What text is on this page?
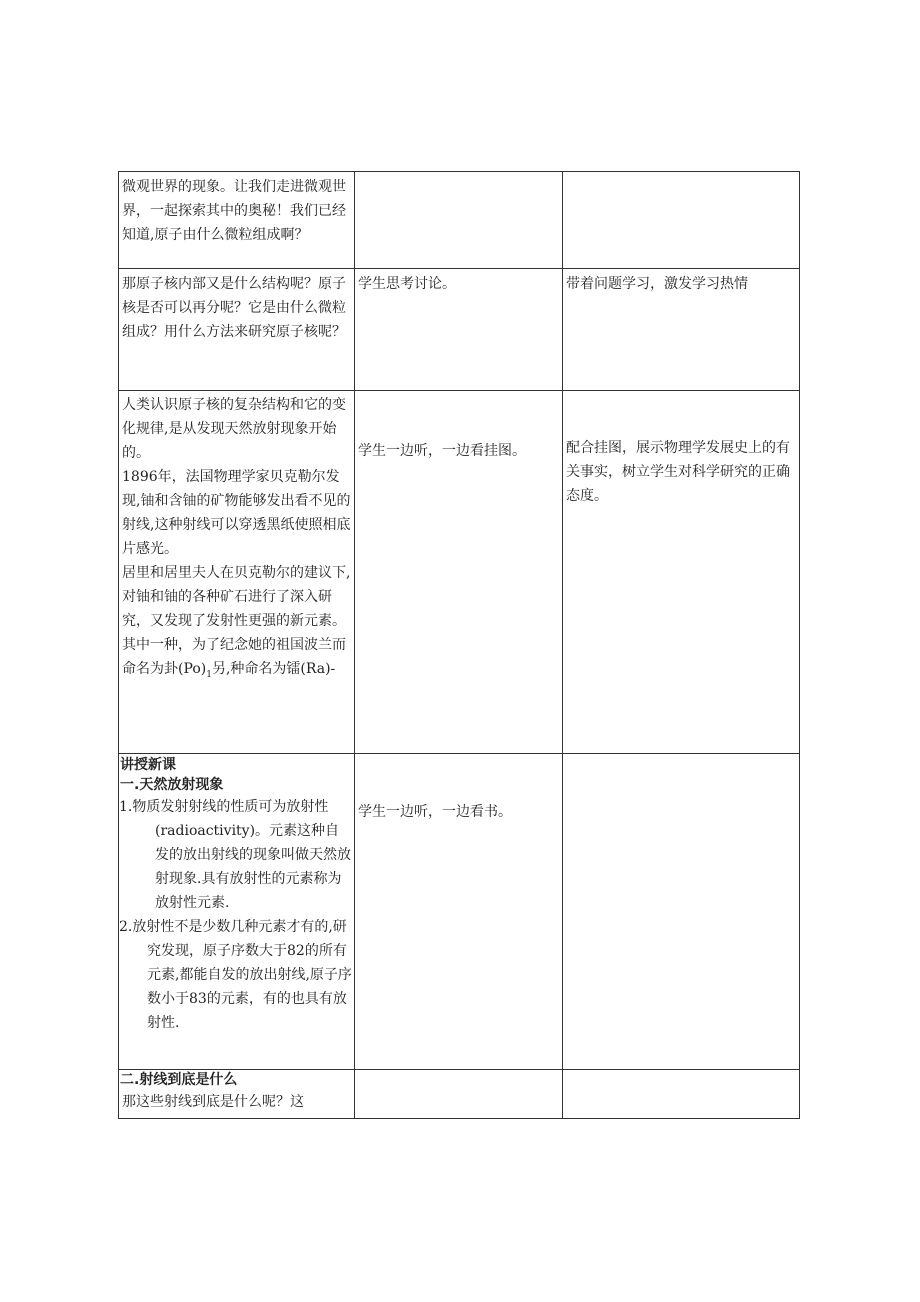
微观世界的现象。让我们走进微观世界，一起探索其中的奥秘！我们已经知道,原子由什么微粒组成啊？		

那原子核内部又是什么结构呢？原子核是否可以再分呢？它是由什么微粒组成？用什么方法来研究原子核呢？	学生思考讨论。	带着问题学习，激发学习热情

人类认识原子核的复杂结构和它的变化规律,是从发现天然放射现象开始的。

1896年，法国物理学家贝克勒尔发现,铀和含铀的矿物能够发出看不见的射线,这种射线可以穿透黑纸使照相底片感光。

居里和居里夫人在贝克勒尔的建议下,对铀和铀的各种矿石进行了深入研究，又发现了发射性更强的新元素。其中一种，为了纪念她的祖国波兰而命名为卦$(Po)_1$另,种命名为镭(Ra)-	学生一边听，一边看挂图。	配合挂图，展示物理学发展史上的有关事实，树立学生对科学研究的正确态度。

讲授新课

一.天然放射现象

1.物质发射射线的性质可为放射性(radioactivity)。元素这种自发的放出射线的现象叫做天然放射现象.具有放射性的元素称为放射性元素.

2.放射性不是少数几种元素才有的,研究发现，原子序数大于82的所有元素,都能自发的放出射线,原子序数小于83的元素，有的也具有放射性.	学生一边听，一边看书。	

二.射线到底是什么

那这些射线到底是什么呢？这		
